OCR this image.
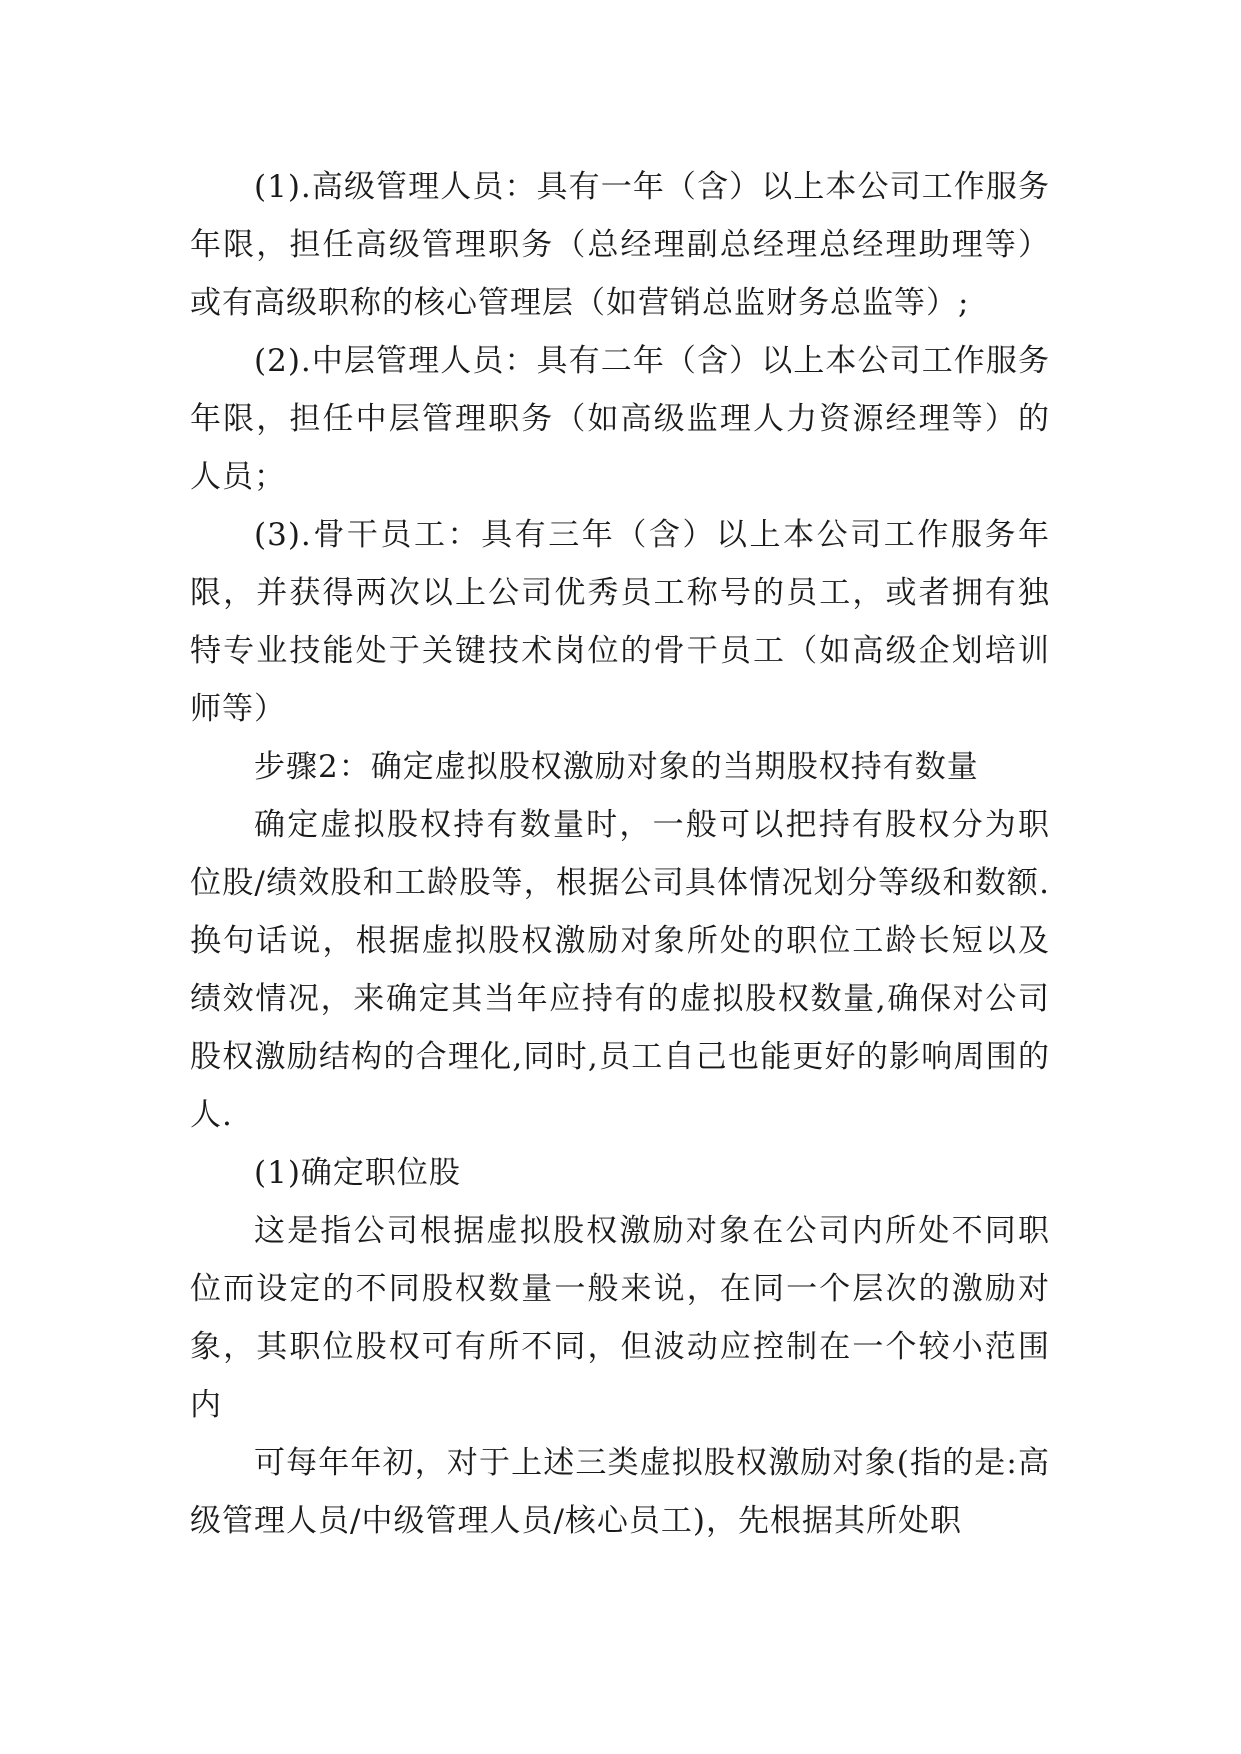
(1).高级管理人员：具有一年（含）以上本公司工作服务年限，担任高级管理职务（总经理副总经理总经理助理等）或有高级职称的核心管理层（如营销总监财务总监等）;

(2).中层管理人员：具有二年（含）以上本公司工作服务年限，担任中层管理职务（如高级监理人力资源经理等）的人员；

(3).骨干员工：具有三年（含）以上本公司工作服务年限，并获得两次以上公司优秀员工称号的员工，或者拥有独特专业技能处于关键技术岗位的骨干员工（如高级企划培训师等）

步骤2：确定虚拟股权激励对象的当期股权持有数量

确定虚拟股权持有数量时，一般可以把持有股权分为职位股/绩效股和工龄股等，根据公司具体情况划分等级和数额.换句话说，根据虚拟股权激励对象所处的职位工龄长短以及绩效情况，来确定其当年应持有的虚拟股权数量,确保对公司股权激励结构的合理化,同时,员工自己也能更好的影响周围的人.

(1)确定职位股

这是指公司根据虚拟股权激励对象在公司内所处不同职位而设定的不同股权数量一般来说，在同一个层次的激励对象，其职位股权可有所不同，但波动应控制在一个较小范围内

可每年年初，对于上述三类虚拟股权激励对象(指的是:高级管理人员/中级管理人员/核心员工)，先根据其所处职
